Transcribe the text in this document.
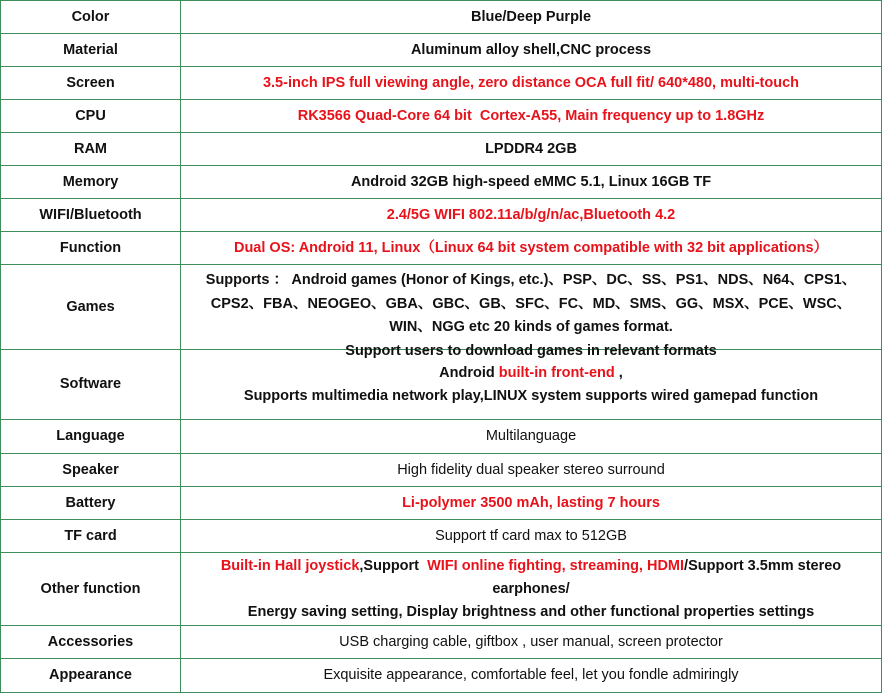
Color	Blue/Deep Purple

Material	Aluminum alloy shell,CNC process

Screen	3.5-inch IPS full viewing angle, zero distance OCA full fit/ 640*480, multi-touch

CPU	RK3566 Quad-Core 64 bit  Cortex-A55, Main frequency up to 1.8GHz

RAM	LPDDR4 2GB

Memory	Android 32GB high-speed eMMC 5.1, Linux 16GB TF

WIFI/Bluetooth	2.4/5G WIFI 802.11a/b/g/n/ac,Bluetooth 4.2

Function	Dual OS: Android 11, Linux（Linux 64 bit system compatible with 32 bit applications）

Games	Supports ： Android games (Honor of Kings, etc.)、PSP、DC、SS、PS1、NDS、N64、CPS1、
CPS2、FBA、NEOGEO、GBA、GBC、GB、SFC、FC、MD、SMS、GG、MSX、PCE、WSC、
WIN、NGG etc 20 kinds of games format.
Support users to download games in relevant formats

Software	Android built-in front-end ,
Supports multimedia network play,LINUX system supports wired gamepad function

Language	Multilanguage

Speaker	High fidelity dual speaker stereo surround

Battery	Li-polymer 3500 mAh, lasting 7 hours

TF card	Support tf card max to 512GB

Other function	Built-in Hall joystick,Support  WIFI online fighting, streaming, HDMI/Support 3.5mm stereo
earphones/
Energy saving setting, Display brightness and other functional properties settings

Accessories	USB charging cable, giftbox , user manual, screen protector

Appearance	Exquisite appearance, comfortable feel, let you fondle admiringly
